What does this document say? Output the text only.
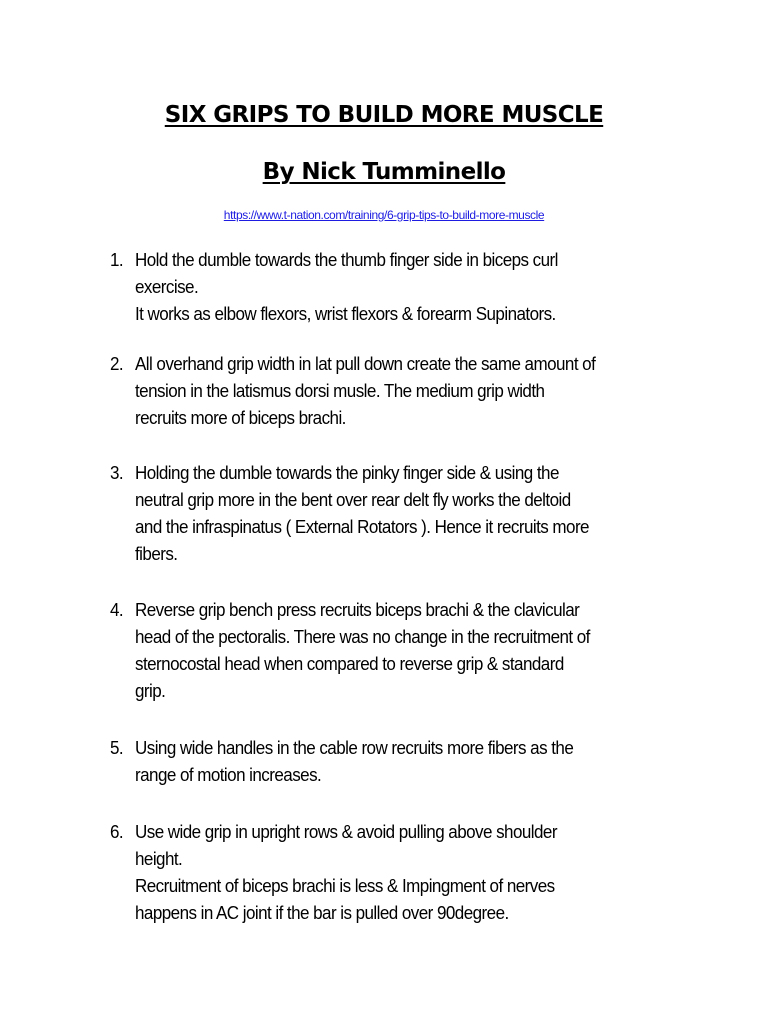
SIX GRIPS TO BUILD MORE MUSCLE
By Nick Tumminello
https://www.t-nation.com/training/6-grip-tips-to-build-more-muscle
1. Hold the dumble towards the thumb finger side in biceps curl
exercise.
It works as elbow flexors, wrist flexors & forearm Supinators.
2. All overhand grip width in lat pull down create the same amount of
tension in the latismus dorsi musle. The medium grip width
recruits more of biceps brachi.
3. Holding the dumble towards the pinky finger side & using the
neutral grip more in the bent over rear delt fly works the deltoid
and the infraspinatus ( External Rotators ). Hence it recruits more
fibers.
4. Reverse grip bench press recruits biceps brachi & the clavicular
head of the pectoralis. There was no change in the recruitment of
sternocostal head when compared to reverse grip & standard
grip.
5. Using wide handles in the cable row recruits more fibers as the
range of motion increases.
6. Use wide grip in upright rows & avoid pulling above shoulder
height.
Recruitment of biceps brachi is less & Impingment of nerves
happens in AC joint if the bar is pulled over 90degree.
